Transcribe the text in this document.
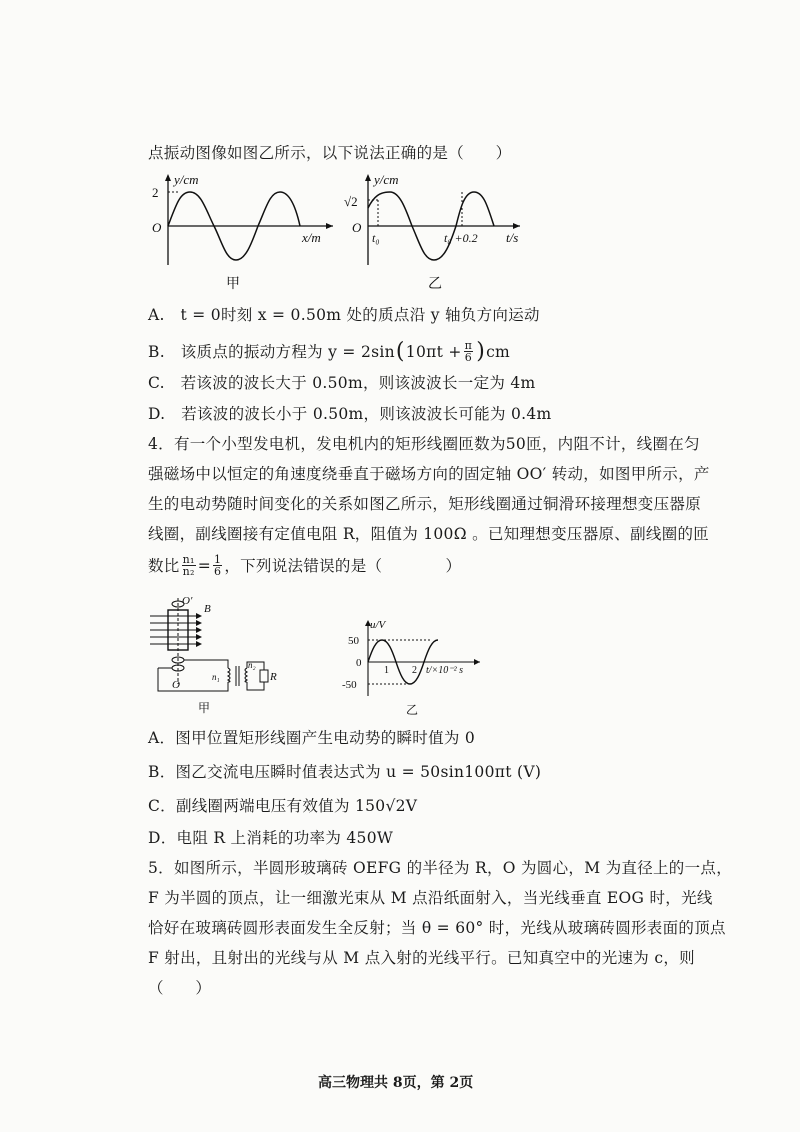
点振动图像如图乙所示，以下说法正确的是（　　）
2
O
y/cm
x/m
甲
√2
O
y/cm
t₀	t₀ +0.2 t/s
乙
A.　t = 0时刻 x = 0.50m 处的质点沿 y 轴负方向运动
B.　该质点的振动方程为 y = 2sin ( $10\pi t + \frac{\pi}{6}$ ) cm
C.　若该波的波长大于 0.50m，则该波波长一定为 4m
D.　若该波的波长小于 0.50m，则该波波长可能为 0.4m
4．有一个小型发电机，发电机内的矩形线圈匝数为50匝，内阻不计，线圈在匀
强磁场中以恒定的角速度绕垂直于磁场方向的固定轴 OO′ 转动，如图甲所示，产
生的电动势随时间变化的关系如图乙所示，矩形线圈通过铜滑环接理想变压器原
线圈，副线圈接有定值电阻 R，阻值为 100Ω 。已知理想变压器原、副线圈的匝
数比 $\frac{\text{n₁}}{\text{n₂}} = \frac{1}{6}$ ，下列说法错误的是（　　　　）
O′
O
B
n₁
n₂
R
甲
u/V
50
0
-50
1 2 t/×10⁻² s
乙
A．图甲位置矩形线圈产生电动势的瞬时值为 0
B．图乙交流电压瞬时值表达式为 u = 50sin100πt (V)
C．副线圈两端电压有效值为 150√2V
D．电阻 R 上消耗的功率为 450W
5．如图所示，半圆形玻璃砖 OEFG 的半径为 R，O 为圆心，M 为直径上的一点，
F 为半圆的顶点，让一细激光束从 M 点沿纸面射入，当光线垂直 EOG 时，光线
恰好在玻璃砖圆形表面发生全反射；当 θ = 60° 时，光线从玻璃砖圆形表面的顶点
F 射出，且射出的光线与从 M 点入射的光线平行。已知真空中的光速为 c，则
（　　）
高三物理共 8页，第 2页
